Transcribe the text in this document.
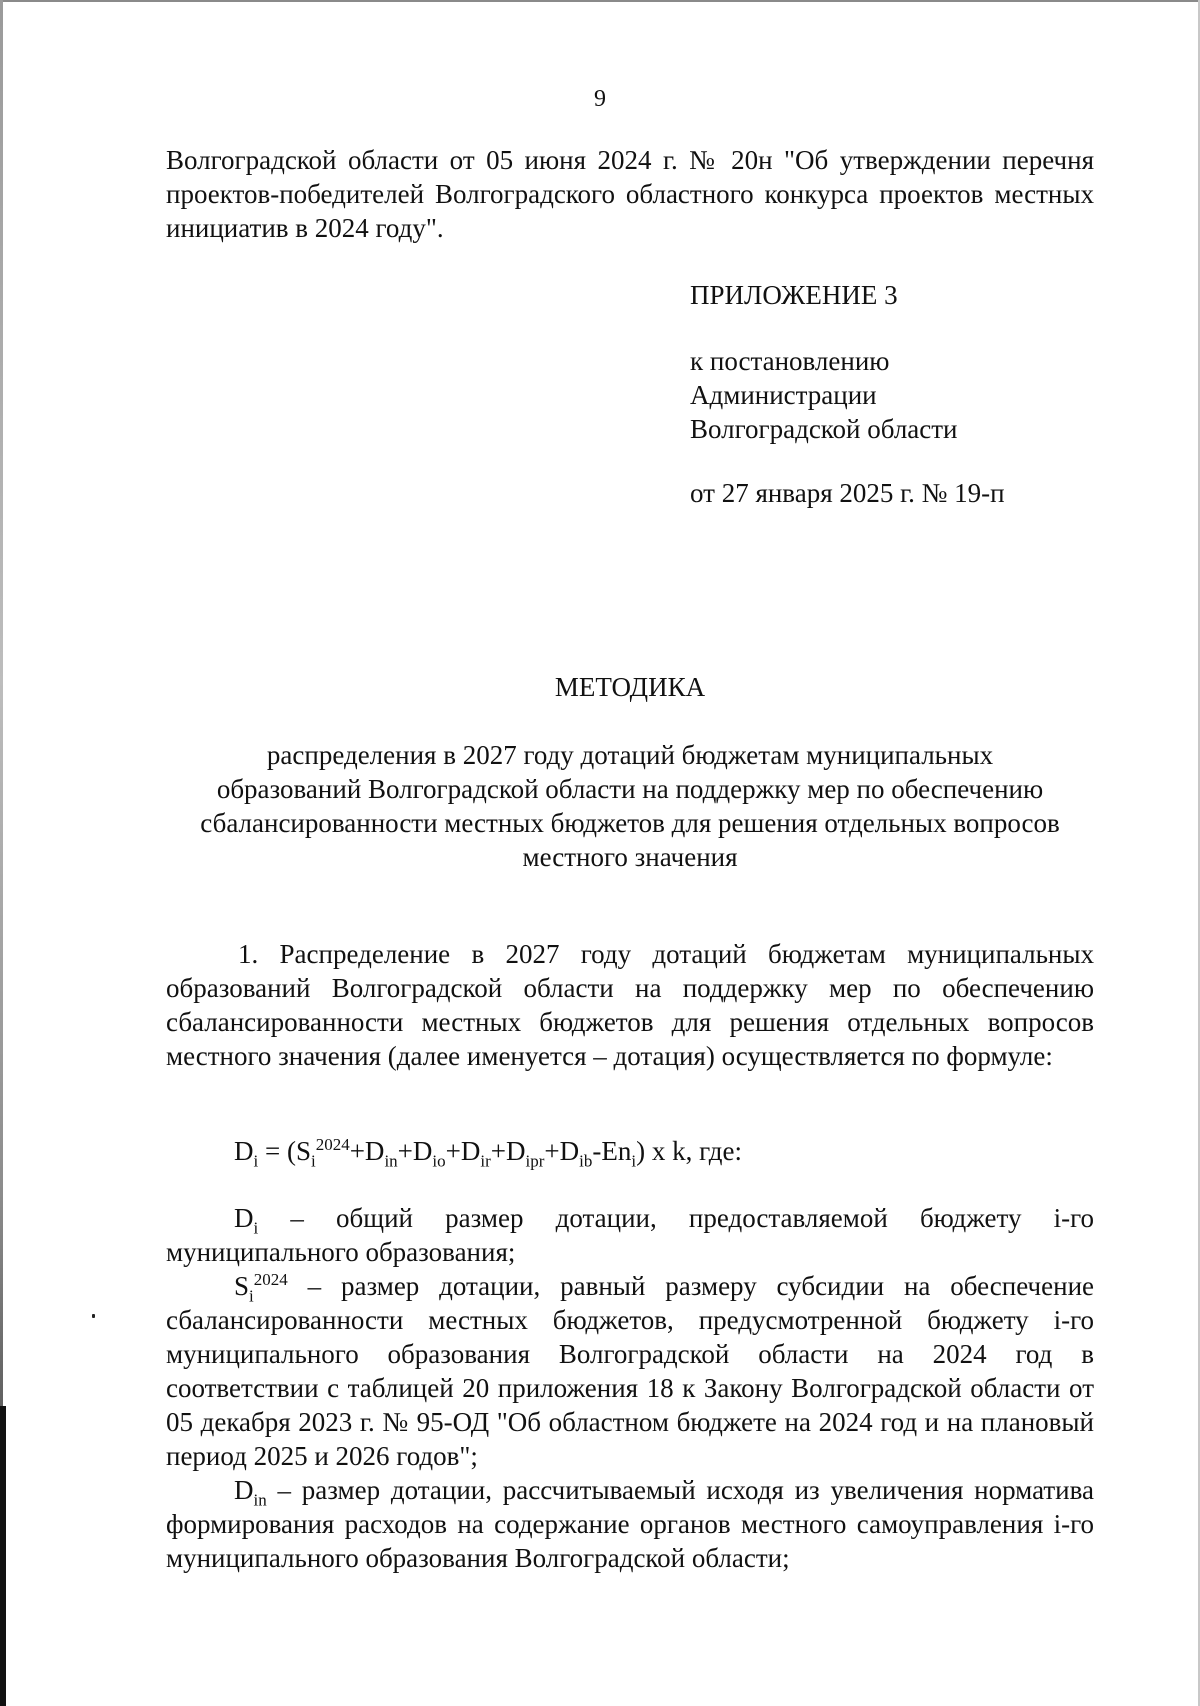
9

Волгоградской области от 05 июня 2024 г. № 20н "Об утверждении перечня проектов-победителей Волгоградского областного конкурса проектов местных инициатив в 2024 году".

ПРИЛОЖЕНИЕ 3
к постановлению
Администрации
Волгоградской области
от 27 января 2025 г. № 19-п
МЕТОДИКА
распределения в 2027 году дотаций бюджетам муниципальных
образований Волгоградской области на поддержку мер по обеспечению
сбалансированности местных бюджетов для решения отдельных вопросов
местного значения

1. Распределение в 2027 году дотаций бюджетам муниципальных образований Волгоградской области на поддержку мер по обеспечению сбалансированности местных бюджетов для решения отдельных вопросов местного значения (далее именуется – дотация) осуществляется по формуле:

$D_i = (S_i^{2024}+D_{in}+D_{io}+D_{ir}+D_{ipr}+D_{ib}-En_i)$ x k, где:

$D_i$ – общий размер дотации, предоставляемой бюджету i-го муниципального образования;

$S_i^{2024}$ – размер дотации, равный размеру субсидии на обеспечение сбалансированности местных бюджетов, предусмотренной бюджету i-го муниципального образования Волгоградской области на 2024 год в соответствии с таблицей 20 приложения 18 к Закону Волгоградской области от 05 декабря 2023 г. № 95-ОД "Об областном бюджете на 2024 год и на плановый период 2025 и 2026 годов";

$D_{in}$ – размер дотации, рассчитываемый исходя из увеличения норматива формирования расходов на содержание органов местного самоуправления i-го муниципального образования Волгоградской области;
